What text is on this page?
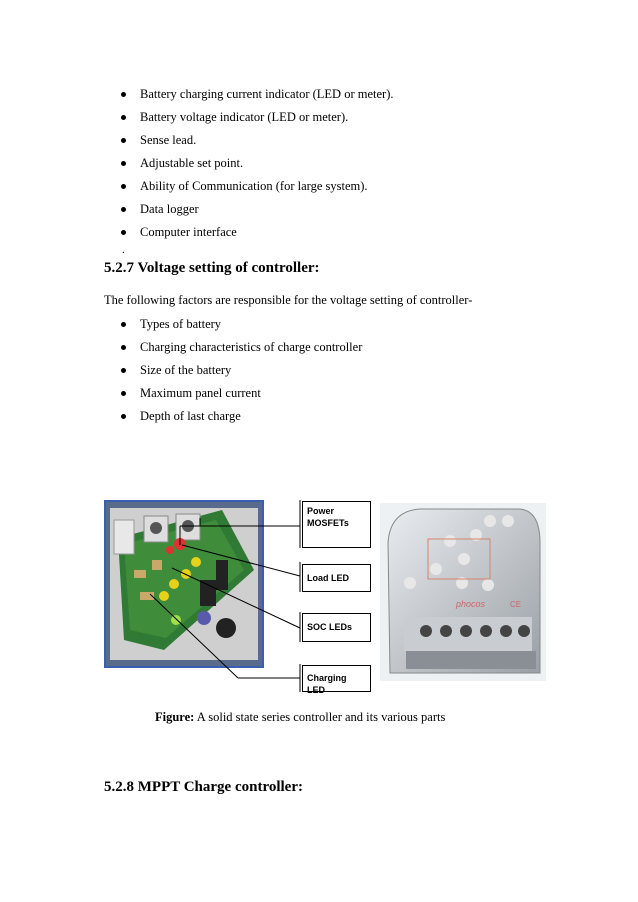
Battery charging current indicator (LED or meter).
Battery voltage indicator (LED or meter).
Sense lead.
Adjustable set point.
Ability of Communication (for large system).
Data logger
Computer interface
.
5.2.7 Voltage setting of controller:
The following factors are responsible for the voltage setting of controller-
Types of battery
Charging characteristics of charge controller
Size of the battery
Maximum panel current
Depth of last charge
Power MOSFETs
Load LED
SOC LEDs
Charging LED
phocos	CE
Figure: A solid state series controller and its various parts
5.2.8 MPPT Charge controller:
